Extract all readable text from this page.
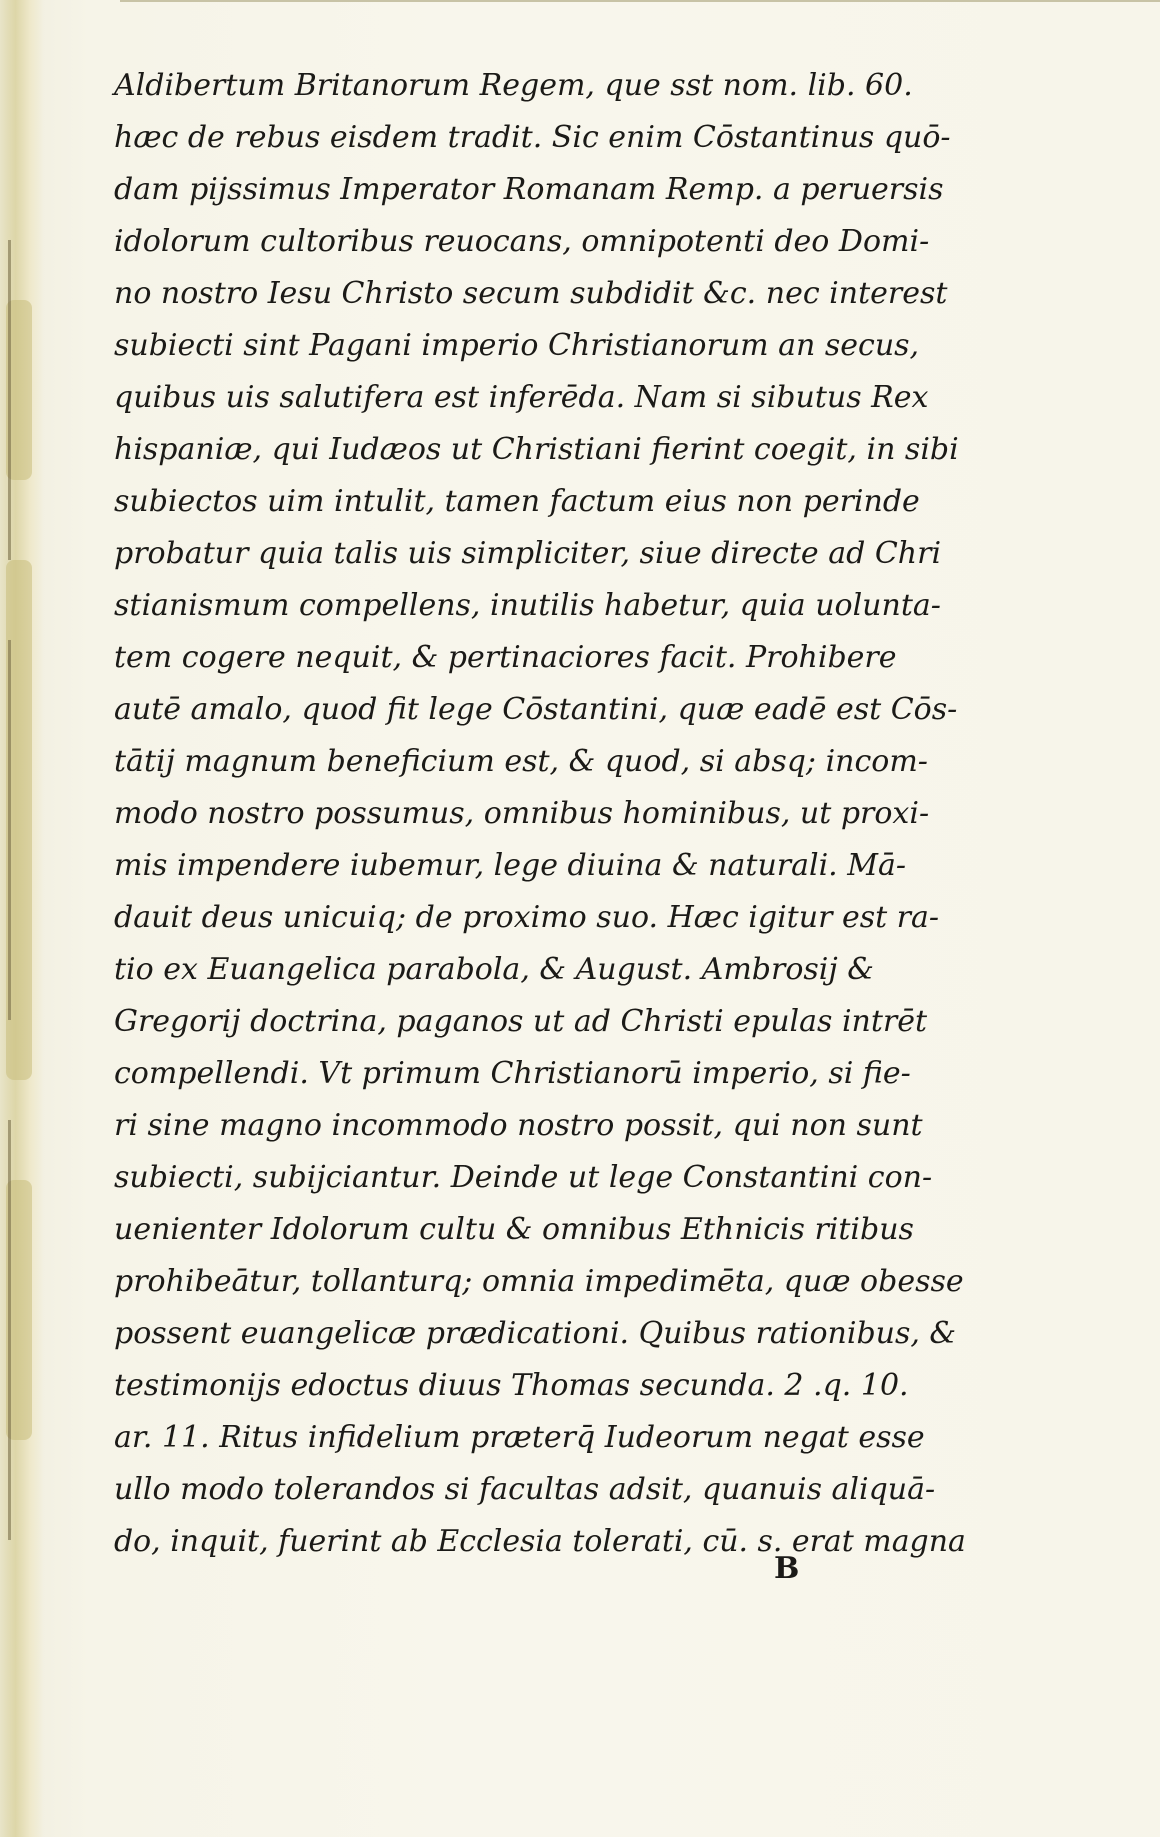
Aldibertum Britanorum Regem, que sst nom. lib. 60.
hæc de rebus eisdem tradit. Sic enim Cōstantinus quō-
dam pijssimus Imperator Romanam Remp. a peruersis
idolorum cultoribus reuocans, omnipotenti deo Domi-
no nostro Iesu Christo secum subdidit &c. nec interest
subiecti sint Pagani imperio Christianorum an secus,
quibus uis salutifera est inferēda. Nam si sibutus Rex
hispaniæ, qui Iudæos ut Christiani fierint coegit, in sibi
subiectos uim intulit, tamen factum eius non perinde
probatur quia talis uis simpliciter, siue directe ad Chri
stianismum compellens, inutilis habetur, quia uolunta-
tem cogere nequit, & pertinaciores facit. Prohibere
autē amalo, quod fit lege Cōstantini, quæ eadē est Cōs-
tātij magnum beneficium est, & quod, si absq; incom-
modo nostro possumus, omnibus hominibus, ut proxi-
mis impendere iubemur, lege diuina & naturali. Mā-
dauit deus unicuiq; de proximo suo. Hæc igitur est ra-
tio ex Euangelica parabola, & August. Ambrosij &
Gregorij doctrina, paganos ut ad Christi epulas intrēt
compellendi. Vt primum Christianorū imperio, si fie-
ri sine magno incommodo nostro possit, qui non sunt
subiecti, subijciantur. Deinde ut lege Constantini con-
uenienter Idolorum cultu & omnibus Ethnicis ritibus
prohibeātur, tollanturq; omnia impedimēta, quæ obesse
possent euangelicæ prædicationi. Quibus rationibus, &
testimonijs edoctus diuus Thomas secunda. 2 .q. 10.
ar. 11. Ritus infidelium præterq̄ Iudeorum negat esse
ullo modo tolerandos si facultas adsit, quanuis aliquā-
do, inquit, fuerint ab Ecclesia tolerati, cū. s. erat magna
B
